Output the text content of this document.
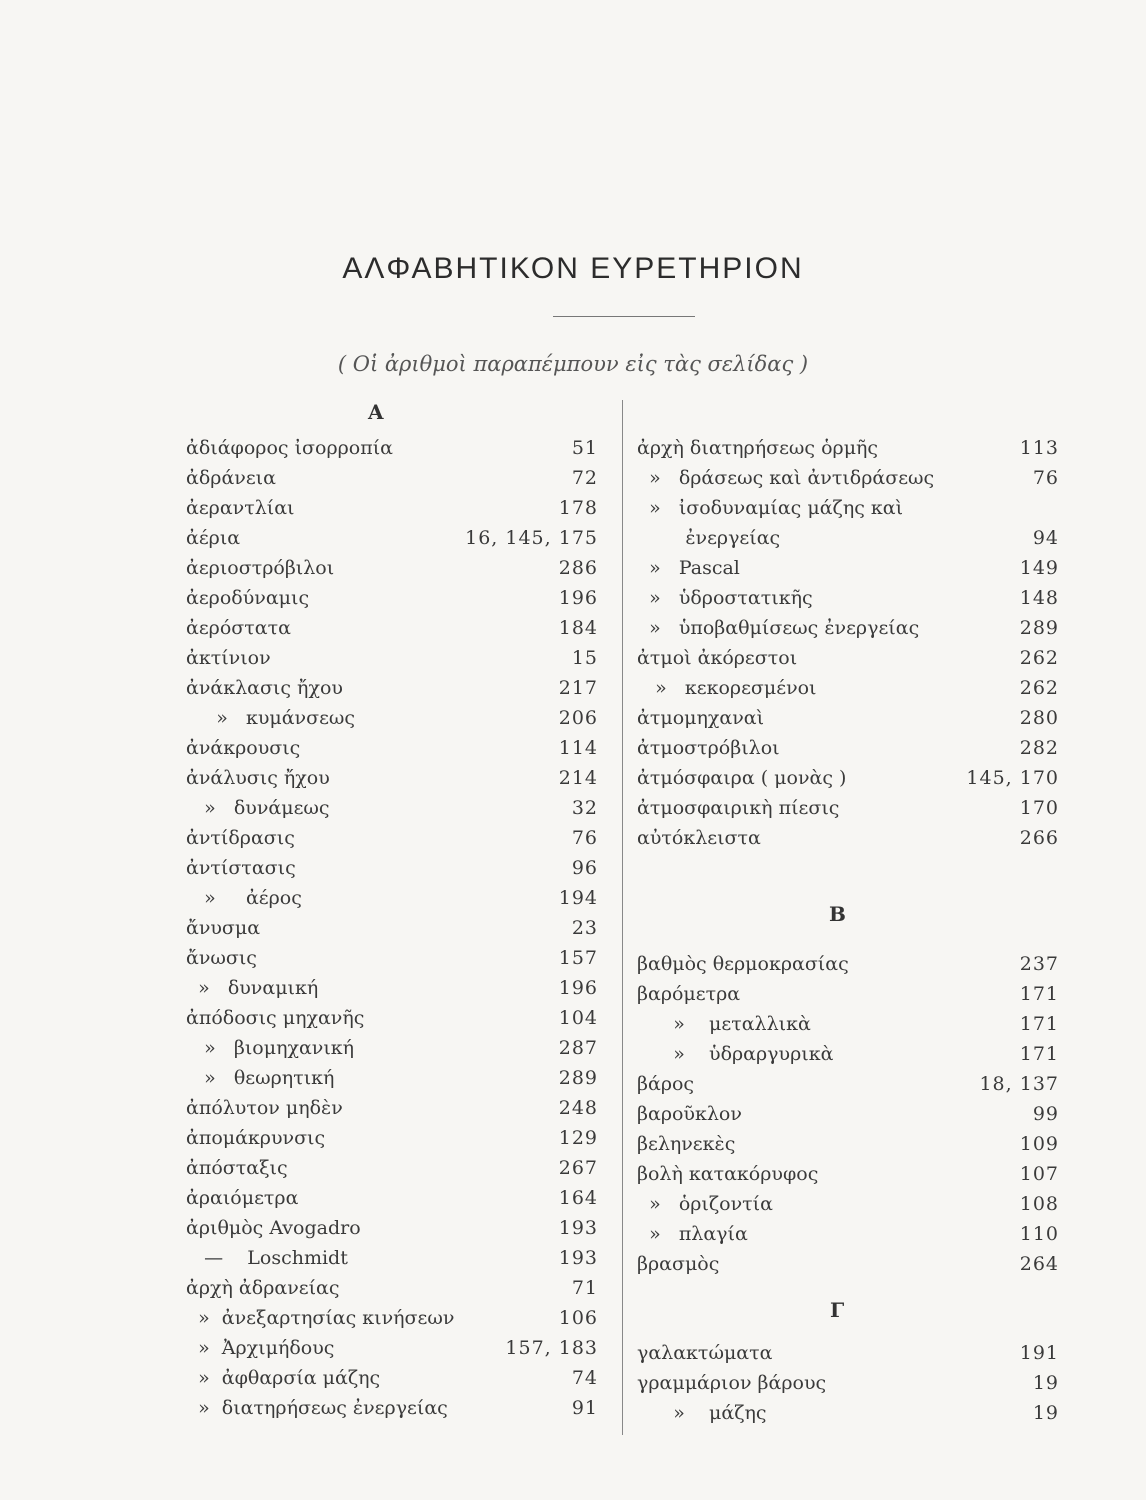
ΑΛΦΑΒΗΤΙΚΟΝ ΕΥΡΕΤΗΡΙΟΝ
( Οἱ ἀριθμοὶ παραπέμπουν εἰς τὰς σελίδας )
Α
ἀδιάφορος ἰσορροπία	51
ἀδράνεια	72
ἀεραντλίαι	178
ἀέρια	16, 145, 175
ἀεριοστρόβιλοι	286
ἀεροδύναμις	196
ἀερόστατα	184
ἀκτίνιον	15
ἀνάκλασις ἤχου	217
»   κυμάνσεως	206
ἀνάκρουσις	114
ἀνάλυσις ἤχου	214
»   δυνάμεως	32
ἀντίδρασις	76
ἀντίστασις	96
»     ἀέρος	194
ἄνυσμα	23
ἄνωσις	157
»   δυναμική	196
ἀπόδοσις μηχανῆς	104
»   βιομηχανική	287
»   θεωρητική	289
ἀπόλυτον μηδὲν	248
ἀπομάκρυνσις	129
ἀπόσταξις	267
ἀραιόμετρα	164
ἀριθμὸς Avogadro	193
—    Loschmidt	193
ἀρχὴ ἀδρανείας	71
»  ἀνεξαρτησίας κινήσεων	106
»  Ἀρχιμήδους	157, 183
»  ἀφθαρσία μάζης	74
»  διατηρήσεως ἐνεργείας	91
ἀρχὴ διατηρήσεως ὁρμῆς	113
»   δράσεως καὶ ἀντιδράσεως	76
»   ἰσοδυναμίας μάζης καὶ
ἐνεργείας	94
»   Pascal	149
»   ὑδροστατικῆς	148
»   ὑποβαθμίσεως ἐνεργείας	289
ἀτμοὶ ἀκόρεστοι	262
»   κεκορεσμένοι	262
ἀτμομηχαναὶ	280
ἀτμοστρόβιλοι	282
ἀτμόσφαιρα ( μονὰς )	145, 170
ἀτμοσφαιρικὴ πίεσις	170
αὐτόκλειστα	266
Β
βαθμὸς θερμοκρασίας	237
βαρόμετρα	171
»    μεταλλικὰ	171
»    ὑδραργυρικὰ	171
βάρος	18, 137
βαροῦκλον	99
βεληνεκὲς	109
βολὴ κατακόρυφος	107
»   ὁριζοντία	108
»   πλαγία	110
βρασμὸς	264
Γ
γαλακτώματα	191
γραμμάριον βάρους	19
»    μάζης	19
